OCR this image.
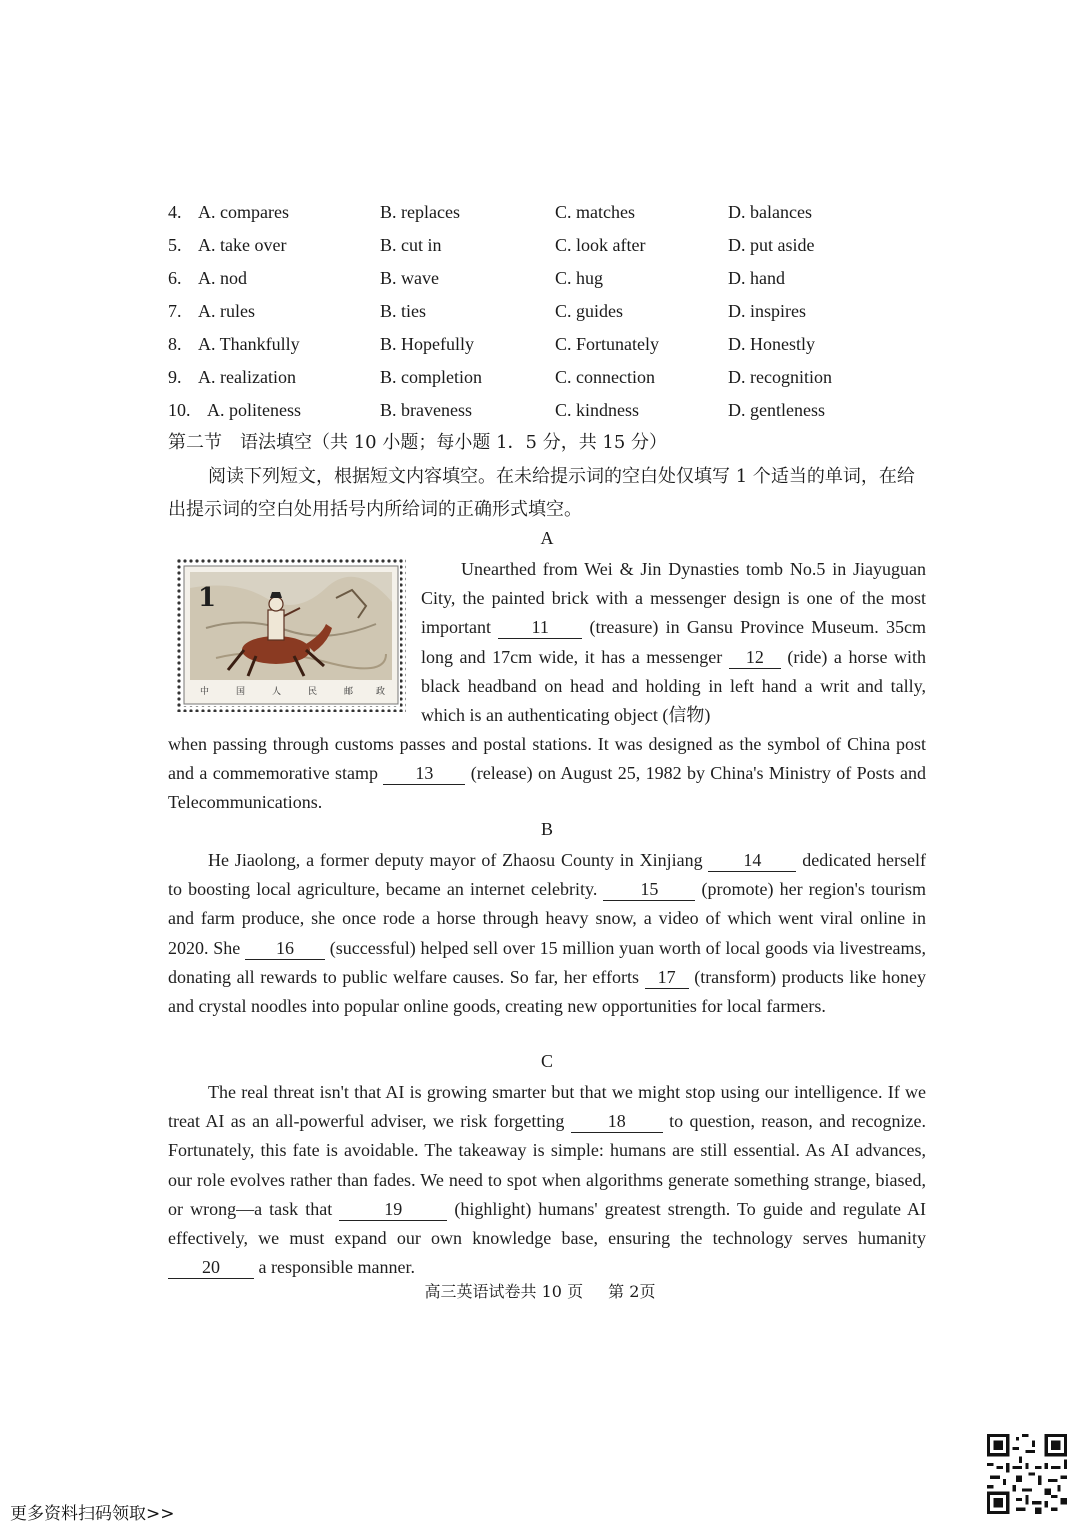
4. A. compares	B. replaces	C. matches	D. balances
5. A. take over	B. cut in	C. look after	D. put aside
6. A. nod	B. wave	C. hug	D. hand
7. A. rules	B. ties	C. guides	D. inspires
8. A. Thankfully	B. Hopefully	C. Fortunately	D. Honestly
9. A. realization	B. completion	C. connection	D. recognition
10. A. politeness	B. braveness	C. kindness	D. gentleness
第二节　语法填空（共 10 小题；每小题 1．5 分，共 15 分）
阅读下列短文，根据短文内容填空。在未给提示词的空白处仅填写 1 个适当的单词，在给出提示词的空白处用括号内所给词的正确形式填空。
A
1
中	国	人	民	邮	政

Unearthed from Wei & Jin Dynasties tomb No.5 in Jiayuguan City, the painted brick with a messenger design is one of the most important 11 (treasure) in Gansu Province Museum. 35cm long and 17cm wide, it has a messenger 12 (ride) a horse with black headband on head and holding in left hand a writ and tally, which is an authenticating object (信物)

when passing through customs passes and postal stations. It was designed as the symbol of China post and a commemorative stamp 13 (release) on August 25, 1982 by China's Ministry of Posts and Telecommunications.

B

He Jiaolong, a former deputy mayor of Zhaosu County in Xinjiang 14 dedicated herself to boosting local agriculture, became an internet celebrity. 15 (promote) her region's tourism and farm produce, she once rode a horse through heavy snow, a video of which went viral online in 2020. She 16 (successful) helped sell over 15 million yuan worth of local goods via livestreams, donating all rewards to public welfare causes. So far, her efforts 17 (transform) products like honey and crystal noodles into popular online goods, creating new opportunities for local farmers.

C

The real threat isn't that AI is growing smarter but that we might stop using our intelligence. If we treat AI as an all-powerful adviser, we risk forgetting 18 to question, reason, and recognize. Fortunately, this fate is avoidable. The takeaway is simple: humans are still essential. As AI advances, our role evolves rather than fades. We need to spot when algorithms generate something strange, biased, or wrong—a task that	19	(highlight) humans' greatest strength. To guide and regulate AI effectively, we must expand our own knowledge base, ensuring the technology serves humanity 20 a responsible manner.

高三英语试卷共 10 页 第 2页
更多资料扫码领取>>
